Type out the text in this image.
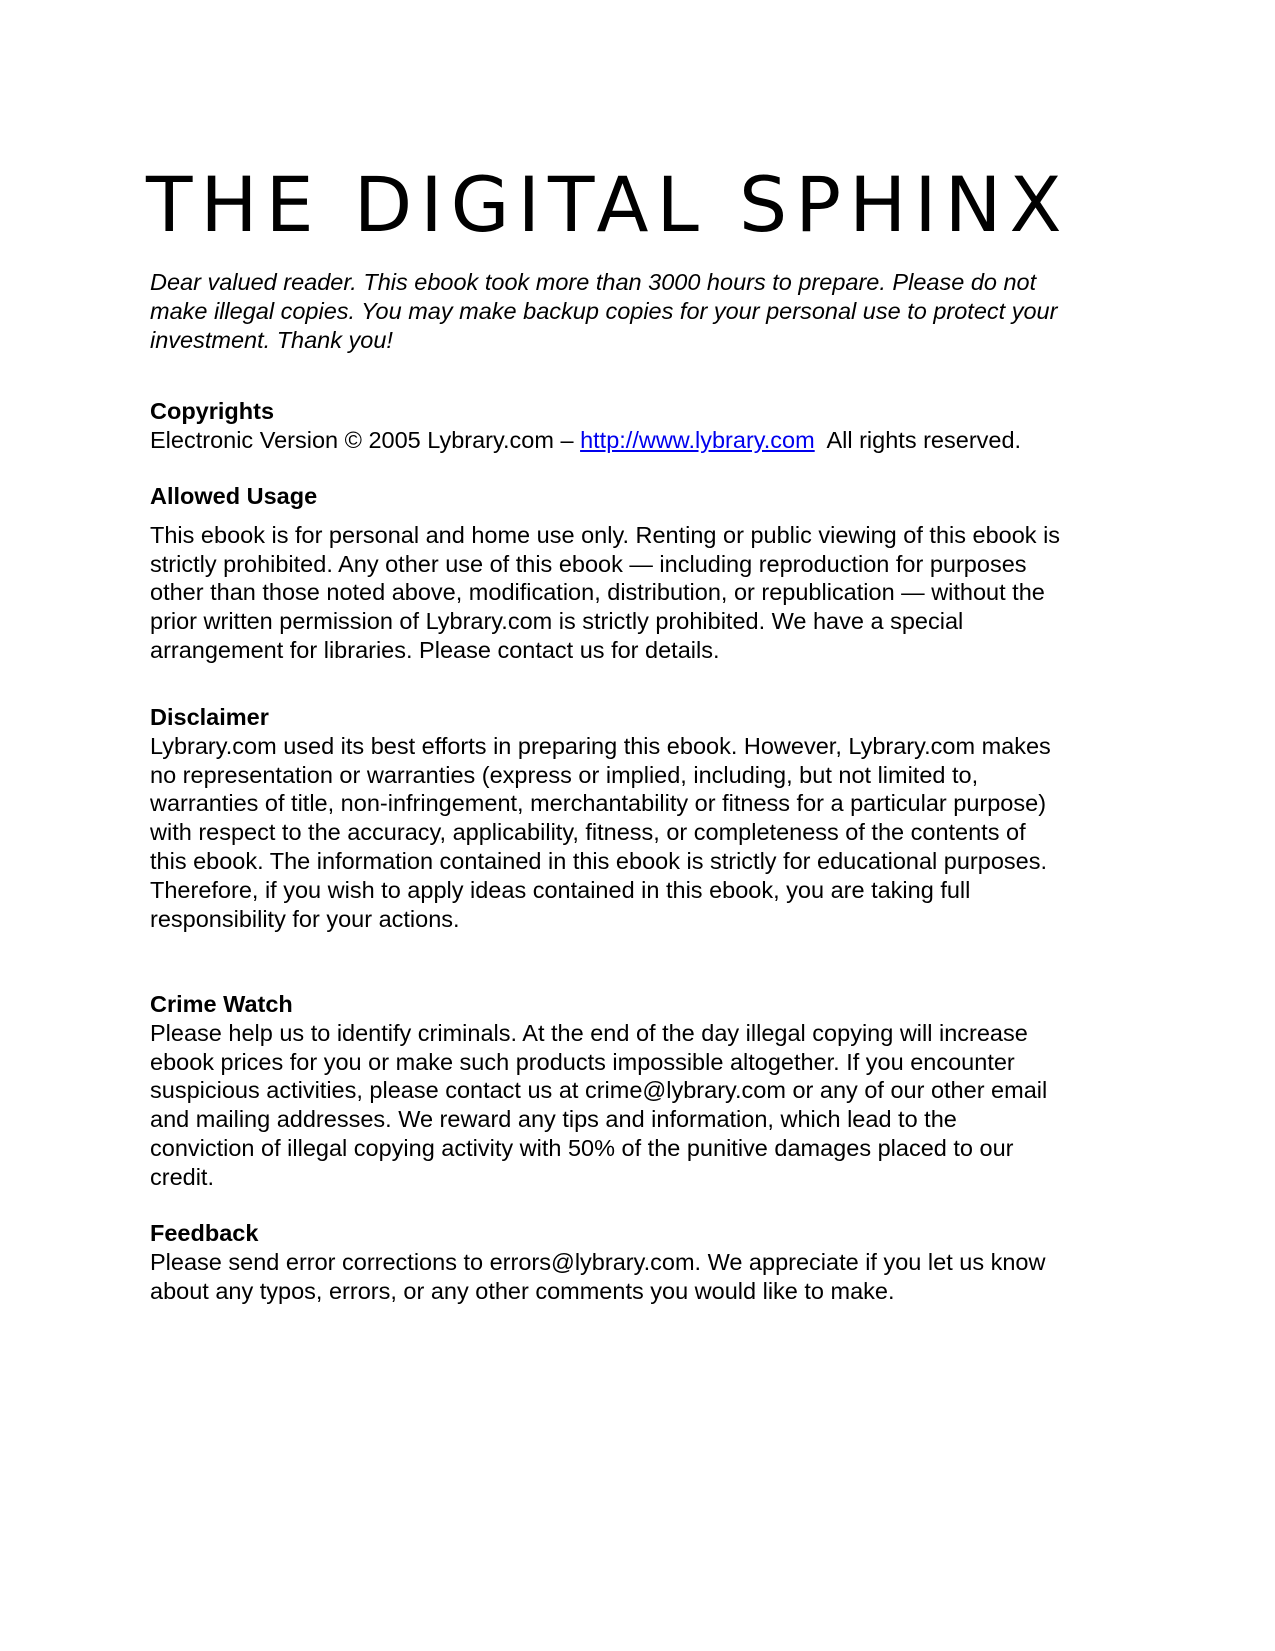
THE DIGITAL SPHINX
Dear valued reader. This ebook took more than 3000 hours to prepare. Please do not
make illegal copies. You may make backup copies for your personal use to protect your
investment. Thank you!
Copyrights
Electronic Version © 2005 Lybrary.com – http://www.lybrary.com  All rights reserved.
Allowed Usage
This ebook is for personal and home use only. Renting or public viewing of this ebook is
strictly prohibited. Any other use of this ebook — including reproduction for purposes
other than those noted above, modification, distribution, or republication — without the
prior written permission of Lybrary.com is strictly prohibited. We have a special
arrangement for libraries. Please contact us for details.
Disclaimer
Lybrary.com used its best efforts in preparing this ebook. However, Lybrary.com makes
no representation or warranties (express or implied, including, but not limited to,
warranties of title, non-infringement, merchantability or fitness for a particular purpose)
with respect to the accuracy, applicability, fitness, or completeness of the contents of
this ebook. The information contained in this ebook is strictly for educational purposes.
Therefore, if you wish to apply ideas contained in this ebook, you are taking full
responsibility for your actions.
Crime Watch
Please help us to identify criminals. At the end of the day illegal copying will increase
ebook prices for you or make such products impossible altogether. If you encounter
suspicious activities, please contact us at crime@lybrary.com or any of our other email
and mailing addresses. We reward any tips and information, which lead to the
conviction of illegal copying activity with 50% of the punitive damages placed to our
credit.
Feedback
Please send error corrections to errors@lybrary.com. We appreciate if you let us know
about any typos, errors, or any other comments you would like to make.
